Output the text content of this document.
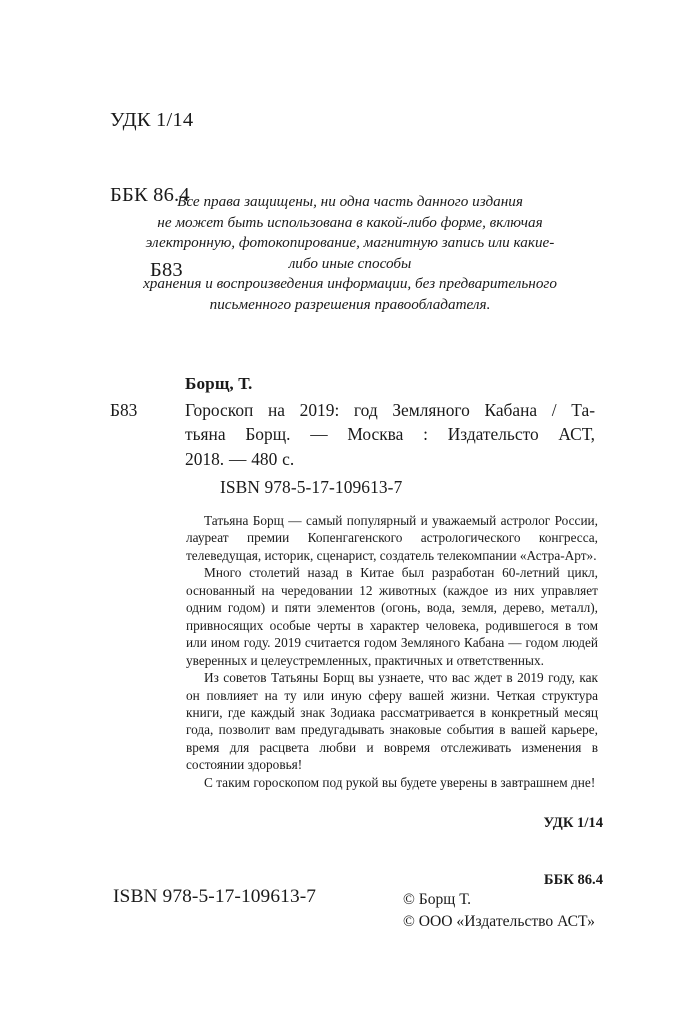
УДК 1/14

ББК 86.4

Б83

Все права защищены, ни одна часть данного издания
не может быть использована в какой-либо форме, включая
электронную, фотокопирование, магнитную запись или какие-
либо иные способы
хранения и воспроизведения информации, без предварительного
письменного разрешения правообладателя.
Борщ, Т.
Б83	Гороскоп на 2019: год Земляного Кабана / Та-
тьяна Борщ. — Москва : Издательсто АСТ,
2018. — 480 с.
ISBN 978-5-17-109613-7

Татьяна Борщ — самый популярный и уважаемый астролог России, лауреат премии Копенгагенского астрологического конгресса, телеведущая, историк, сценарист, создатель телекомпании «Астра-Арт».

Много столетий назад в Китае был разработан 60-летний цикл, основанный на чередовании 12 животных (каждое из них управляет одним годом) и пяти элементов (огонь, вода, земля, дерево, металл), привносящих особые черты в характер человека, родившегося в том или ином году. 2019 считается годом Земляного Кабана — годом людей уверенных и целеустремленных, практичных и ответственных.

Из советов Татьяны Борщ вы узнаете, что вас ждет в 2019 году, как он повлияет на ту или иную сферу вашей жизни. Четкая структура книги, где каждый знак Зодиака рассматривается в конкретный месяц года, позволит вам предугадывать знаковые события в вашей карьере, время для расцвета любви и вовремя отслеживать изменения в состоянии здоровья!

С таким гороскопом под рукой вы будете уверены в завтрашнем дне!

УДК 1/14

ББК 86.4

ISBN 978-5-17-109613-7	© Борщ Т.
© ООО «Издательство АСТ»
